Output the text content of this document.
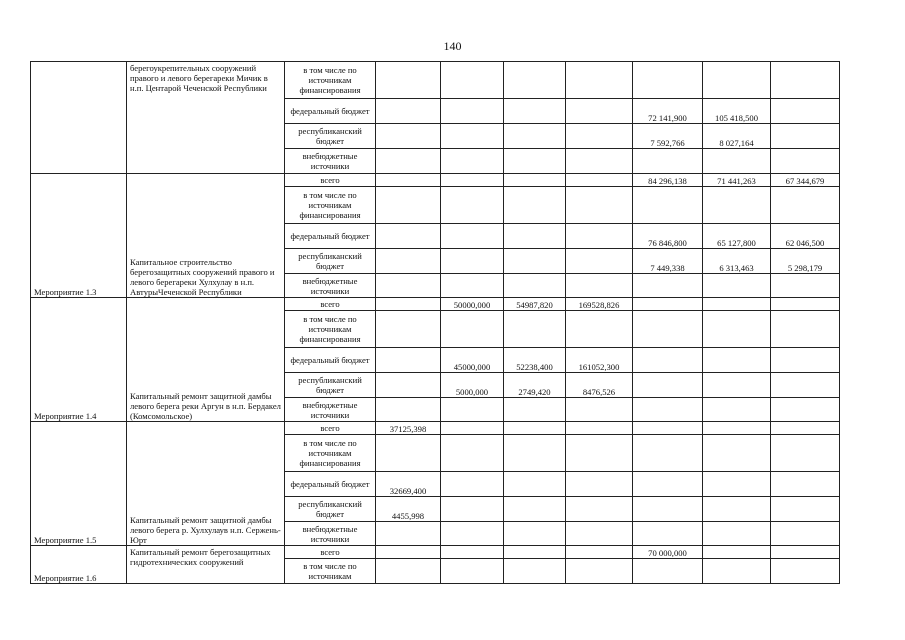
140
	берегоукрепительных сооружений правого и левого берегареки Мичик в н.п. Центарой Чеченской Республики	в том числе по источникам финансирования							
		федеральный бюджет					72 141,900	105 418,500	
		республиканский бюджет					7 592,766	8 027,164	
		внебюджетные источники							
Мероприятие 1.3	Капитальное строительство берегозащитных сооружений правого и левого берегареки Хулхулау в н.п. АвтурыЧеченской Республики	всего					84 296,138	71 441,263	67 344,679
		в том числе по источникам финансирования							
		федеральный бюджет					76 846,800	65 127,800	62 046,500
		республиканский бюджет					7 449,338	6 313,463	5 298,179
		внебюджетные источники							
Мероприятие 1.4	Капитальный ремонт защитной дамбы левого берега реки Аргун в н.п. Бердакел (Комсомольское)	всего		50000,000	54987,820	169528,826			
		в том числе по источникам финансирования							
		федеральный бюджет		45000,000	52238,400	161052,300			
		республиканский бюджет		5000,000	2749,420	8476,526			
		внебюджетные источники							
Мероприятие 1.5	Капитальный ремонт защитной дамбы левого берега р. Хулхулаув н.п. Сержень-Юрт	всего	37125,398						
		в том числе по источникам финансирования							
		федеральный бюджет	32669,400						
		республиканский бюджет	4455,998						
		внебюджетные источники							
Мероприятие 1.6	Капитальный ремонт берегозащитных гидротехнических сооружений	всего					70 000,000		
		в том числе по источникам							
